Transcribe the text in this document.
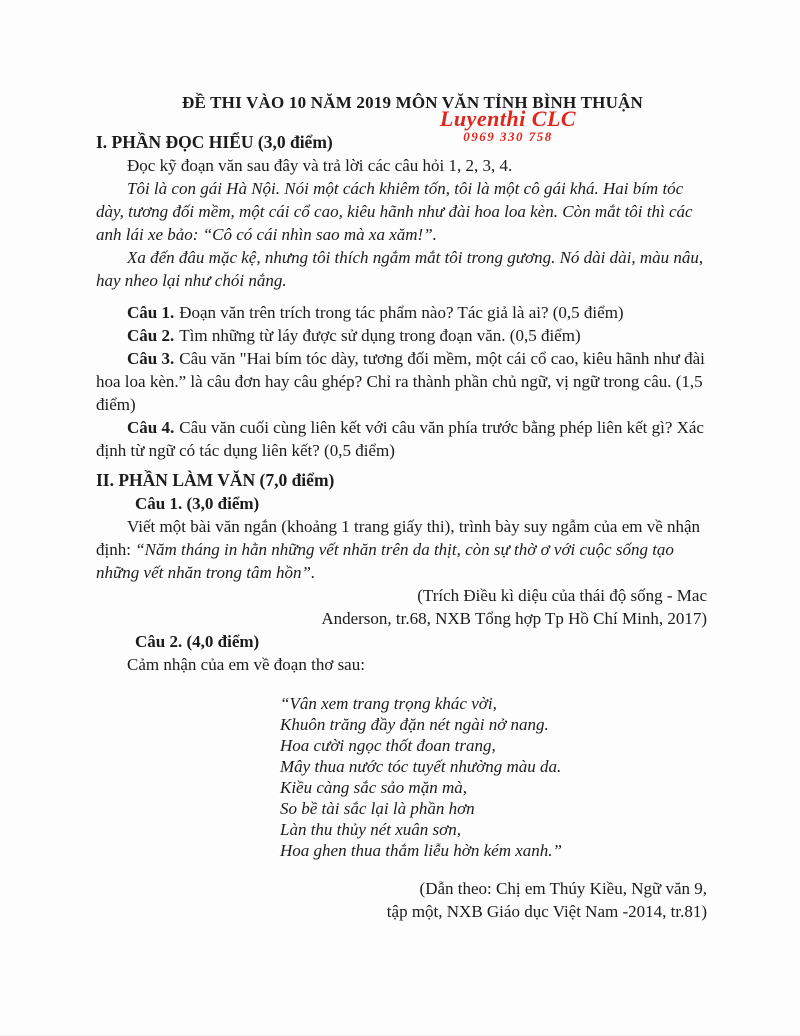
Luyenthi CLC
0969 330 758
ĐỀ THI VÀO 10 NĂM 2019 MÔN VĂN TỈNH BÌNH THUẬN
I. PHẦN ĐỌC HIỂU (3,0 điểm)

Đọc kỹ đoạn văn sau đây và trả lời các câu hỏi 1, 2, 3, 4.

Tôi là con gái Hà Nội. Nói một cách khiêm tốn, tôi là một cô gái khá. Hai bím tóc dày, tương đối mềm, một cái cổ cao, kiêu hãnh như đài hoa loa kèn. Còn mắt tôi thì các anh lái xe bảo: “Cô có cái nhìn sao mà xa xăm!”.

Xa đến đâu mặc kệ, nhưng tôi thích ngắm mắt tôi trong gương. Nó dài dài, màu nâu, hay nheo lại như chói nắng.

Câu 1. Đoạn văn trên trích trong tác phẩm nào? Tác giả là ai? (0,5 điểm)

Câu 2. Tìm những từ láy được sử dụng trong đoạn văn. (0,5 điểm)

Câu 3. Câu văn "Hai bím tóc dày, tương đối mềm, một cái cổ cao, kiêu hãnh như đài hoa loa kèn.” là câu đơn hay câu ghép? Chỉ ra thành phần chủ ngữ, vị ngữ trong câu. (1,5 điểm)

Câu 4. Câu văn cuối cùng liên kết với câu văn phía trước bằng phép liên kết gì? Xác định từ ngữ có tác dụng liên kết? (0,5 điểm)

II. PHẦN LÀM VĂN (7,0 điểm)

Câu 1. (3,0 điểm)

Viết một bài văn ngắn (khoảng 1 trang giấy thi), trình bày suy ngẫm của em về nhận định: “Năm tháng in hằn những vết nhăn trên da thịt, còn sự thờ ơ với cuộc sống tạo những vết nhăn trong tâm hồn”.

(Trích Điều kì diệu của thái độ sống - Mac

Anderson, tr.68, NXB Tổng hợp Tp Hồ Chí Minh, 2017)

Câu 2. (4,0 điểm)

Cảm nhận của em về đoạn thơ sau:

“Vân xem trang trọng khác vời,

Khuôn trăng đầy đặn nét ngài nở nang.

Hoa cười ngọc thốt đoan trang,

Mây thua nước tóc tuyết nhường màu da.

Kiều càng sắc sảo mặn mà,

So bề tài sắc lại là phần hơn

Làn thu thủy nét xuân sơn,

Hoa ghen thua thắm liễu hờn kém xanh.”

(Dẫn theo: Chị em Thúy Kiều, Ngữ văn 9,

tập một, NXB Giáo dục Việt Nam -2014, tr.81)
